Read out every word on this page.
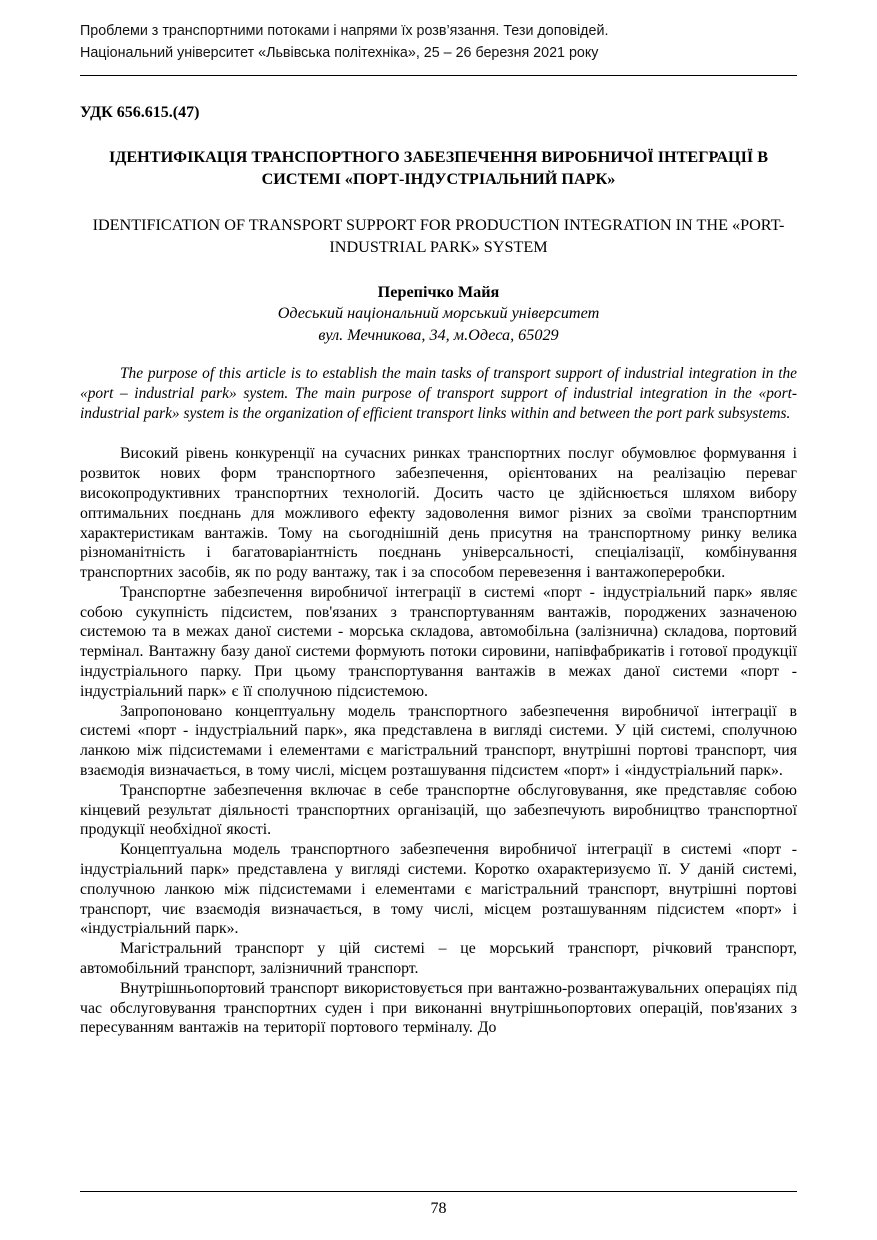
Проблеми з транспортними потоками і напрями їх розв’язання. Тези доповідей.
Національний університет «Львівська політехніка», 25 – 26 березня 2021 року

УДК 656.615.(47)

ІДЕНТИФІКАЦІЯ ТРАНСПОРТНОГО ЗАБЕЗПЕЧЕННЯ ВИРОБНИЧОЇ ІНТЕГРАЦІЇ В СИСТЕМІ «ПОРТ-ІНДУСТРІАЛЬНИЙ ПАРК»
IDENTIFICATION OF TRANSPORT SUPPORT FOR PRODUCTION INTEGRATION IN THE «PORT-INDUSTRIAL PARK» SYSTEM

Перепічко Майя

Одеський національний морський університет

вул. Мечникова, 34, м.Одеса, 65029

The purpose of this article is to establish the main tasks of transport support of industrial integration in the «port – industrial park» system. The main purpose of transport support of industrial integration in the «port-industrial park» system is the organization of efficient transport links within and between the port park subsystems.

Високий рівень конкуренції на сучасних ринках транспортних послуг обумовлює формування і розвиток нових форм транспортного забезпечення, орієнтованих на реалізацію переваг високопродуктивних транспортних технологій. Досить часто це здійснюється шляхом вибору оптимальних поєднань для можливого ефекту задоволення вимог різних за своїми транспортним характеристикам вантажів. Тому на сьогоднішній день присутня на транспортному ринку велика різноманітність і багатоваріантність поєднань універсальності, спеціалізації, комбінування транспортних засобів, як по роду вантажу, так і за способом перевезення і вантажопереробки.

Транспортне забезпечення виробничої інтеграції в системі «порт - індустріальний парк» являє собою сукупність підсистем, пов'язаних з транспортуванням вантажів, породжених зазначеною системою та в межах даної системи - морська складова, автомобільна (залізнична) складова, портовий термінал. Вантажну базу даної системи формують потоки сировини, напівфабрикатів і готової продукції індустріального парку. При цьому транспортування вантажів в межах даної системи «порт - індустріальний парк» є її сполучною підсистемою.

Запропоновано концептуальну модель транспортного забезпечення виробничої інтеграції в системі «порт - індустріальний парк», яка представлена в вигляді системи. У цій системі, сполучною ланкою між підсистемами і елементами є магістральний транспорт, внутрішні портові транспорт, чия взаємодія визначається, в тому числі, місцем розташування підсистем «порт» і «індустріальний парк».

Транспортне забезпечення включає в себе транспортне обслуговування, яке представляє собою кінцевий результат діяльності транспортних організацій, що забезпечують виробництво транспортної продукції необхідної якості.

Концептуальна модель транспортного забезпечення виробничої інтеграції в системі «порт - індустріальний парк» представлена у вигляді системи. Коротко охарактеризуємо її. У даній системі, сполучною ланкою між підсистемами і елементами є магістральний транспорт, внутрішні портові транспорт, чиє взаємодія визначається, в тому числі, місцем розташуванням підсистем «порт» і «індустріальний парк».

Магістральний транспорт у цій системі – це морський транспорт, річковий транспорт, автомобільний транспорт, залізничний транспорт.

Внутрішньопортовий транспорт використовується при вантажно-розвантажувальних операціях під час обслуговування транспортних суден і при виконанні внутрішньопортових операцій, пов'язаних з пересуванням вантажів на території портового терміналу. До

78
